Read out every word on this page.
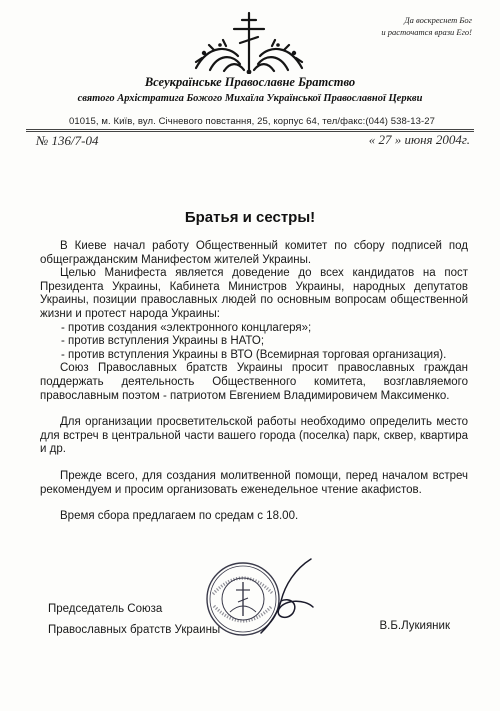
Да воскреснет Бог
и расточатся врази Его!
Всеукраїнське Православне Братство
святого Архістратига Божого Михаїла Української Православної Церкви
01015, м. Київ, вул. Січневого повстання, 25, корпус 64, тел/факс:(044) 538-13-27
№ 136/7-04	« 27 » июня 2004г.
Братья и сестры!

В Киеве начал работу Общественный комитет по сбору подписей под общегражданским Манифестом жителей Украины.

Целью Манифеста является доведение до всех кандидатов на пост Президента Украины, Кабинета Министров Украины, народных депутатов Украины, позиции православных людей по основным вопросам общественной жизни и протест народа Украины:

- против создания «электронного концлагеря»;

- против вступления Украины в НАТО;

- против вступления Украины в ВТО (Всемирная торговая организация).

Союз Православных братств Украины просит православных граждан поддержать деятельность Общественного комитета, возглавляемого православным поэтом - патриотом Евгением Владимировичем Максименко.

Для организации просветительской работы необходимо определить место для встреч в центральной части вашего города (поселка) парк, сквер, квартира и др.

Прежде всего, для создания молитвенной помощи, перед началом встреч рекомендуем и просим организовать еженедельное чтение акафистов.

Время сбора предлагаем по средам с 18.00.

Председатель Союза
Православных братств Украины	В.Б.Лукияник
